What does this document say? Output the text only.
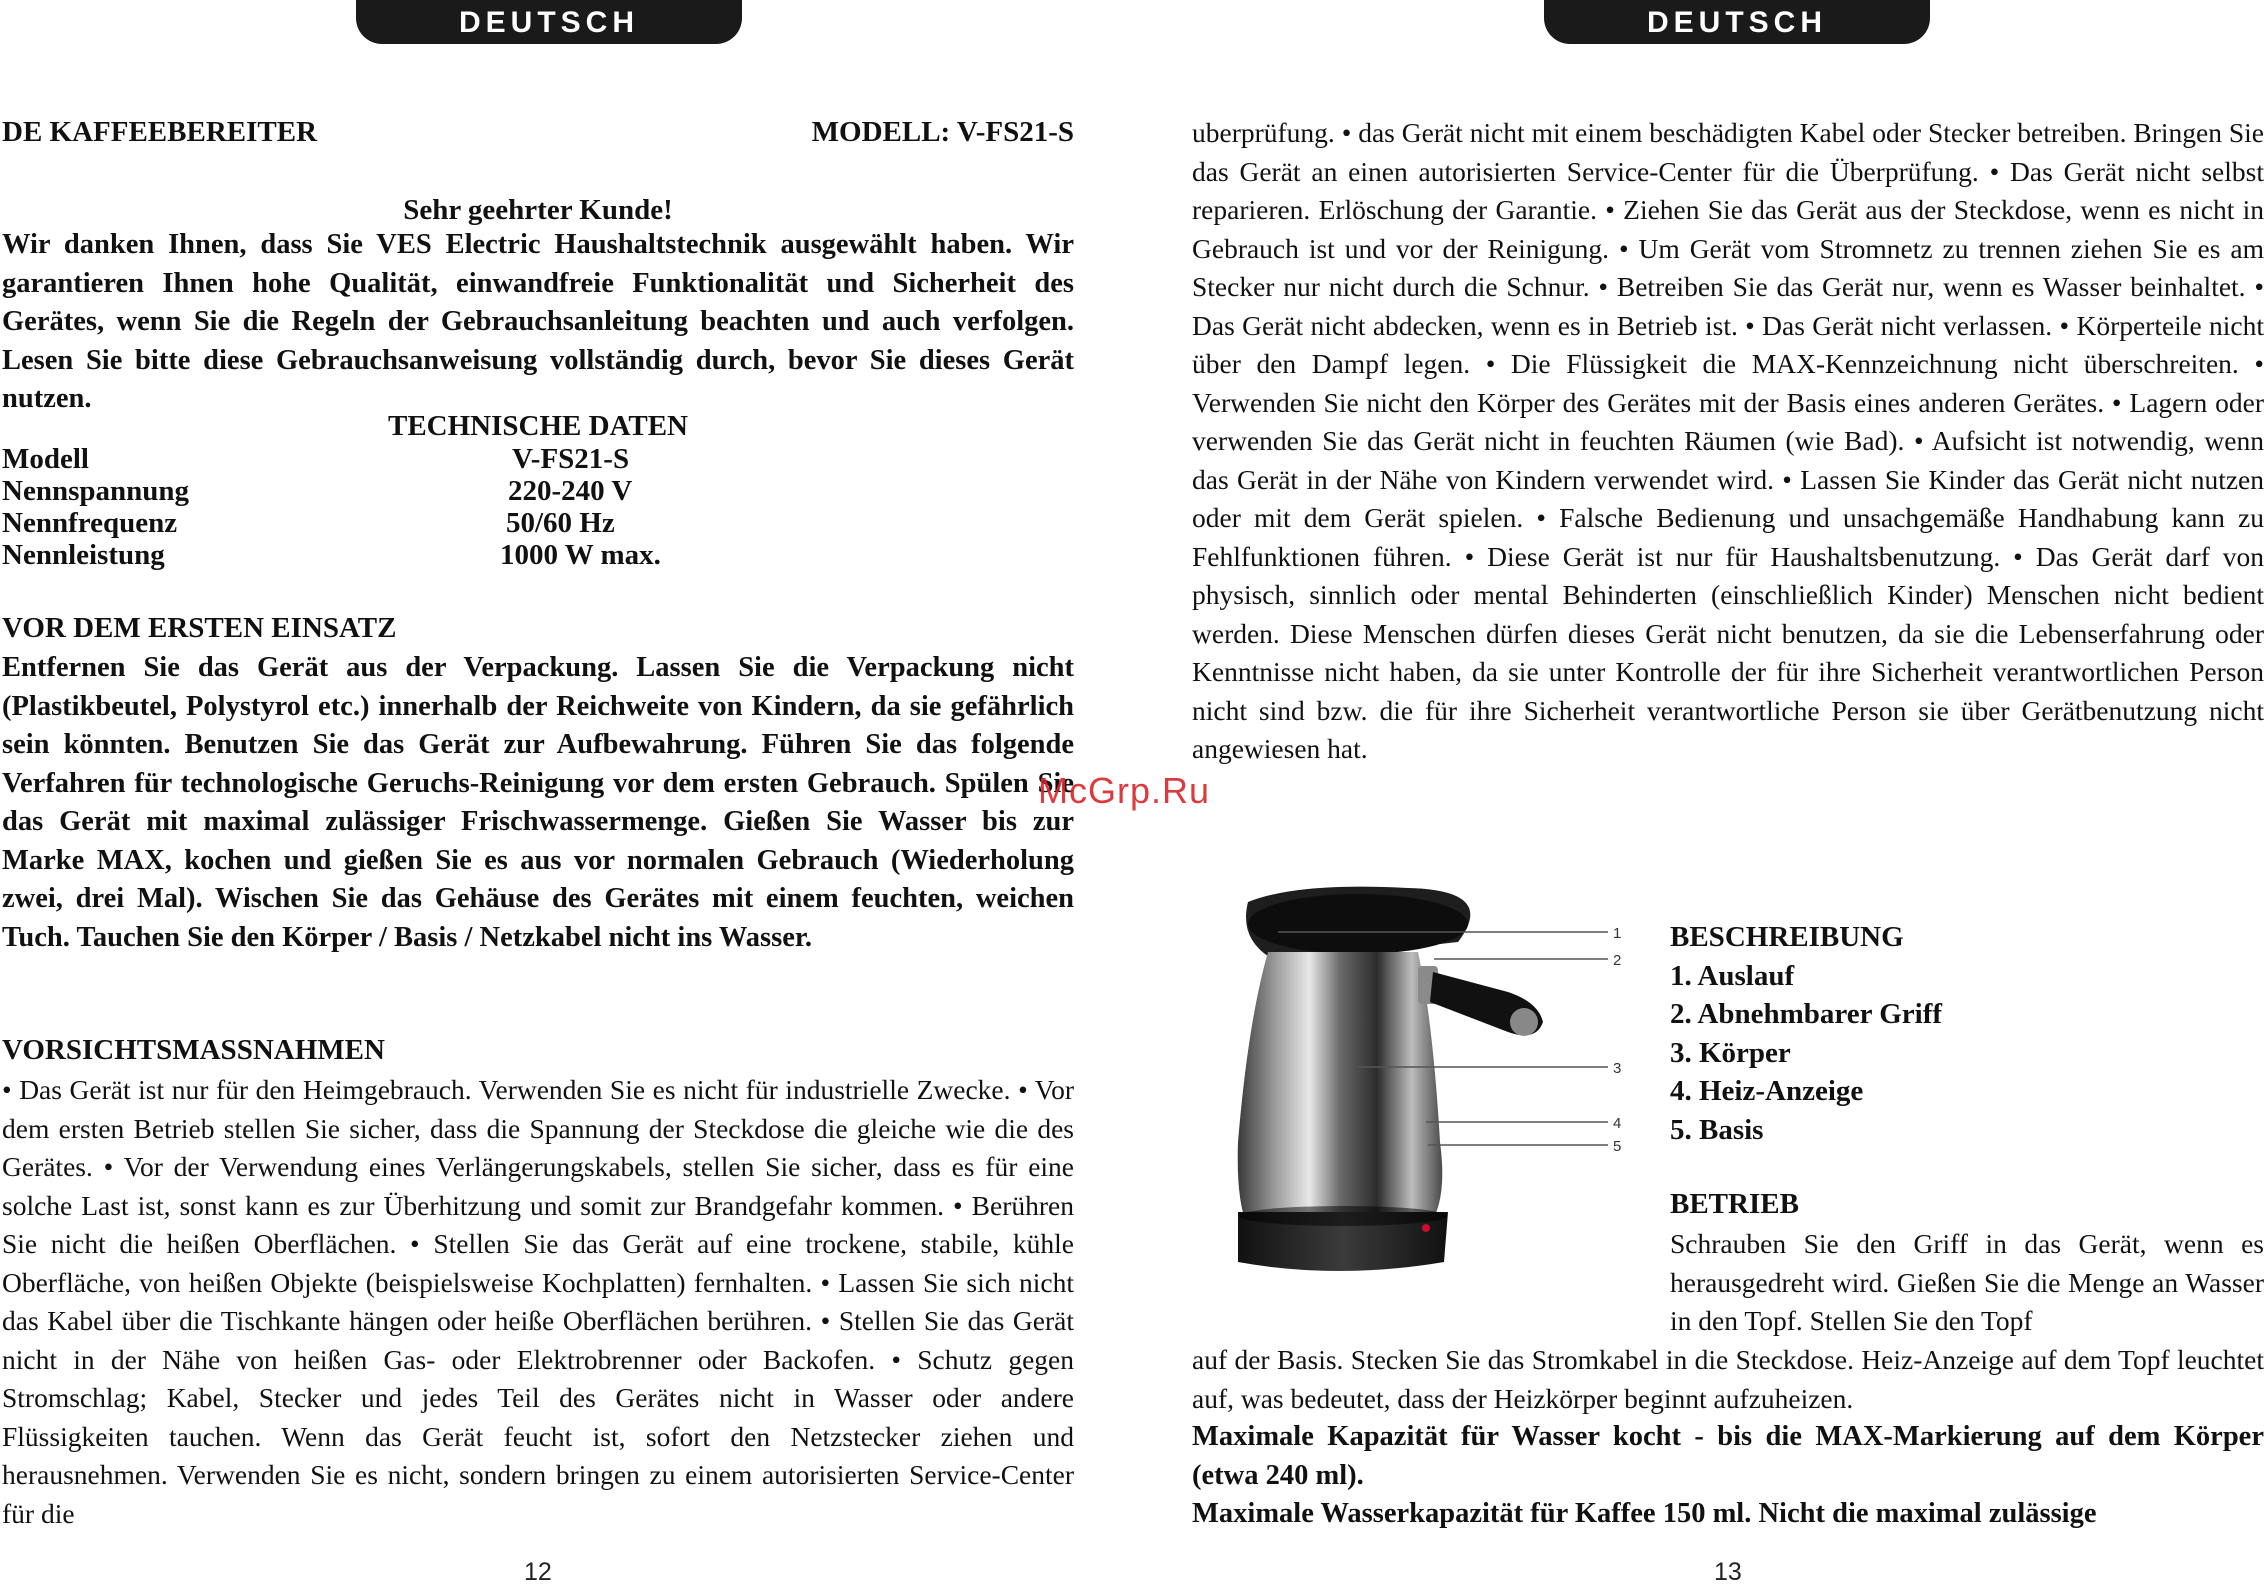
DEUTSCH
DE KAFFEEBEREITER	MODELL: V-FS21-S
Sehr geehrter Kunde!
Wir danken Ihnen, dass Sie VES Electric Haushaltstechnik ausgewählt haben. Wir garantieren Ihnen hohe Qualität, einwandfreie Funktionalität und Sicherheit des Gerätes, wenn Sie die Regeln der Gebrauchsanleitung beachten und auch verfolgen. Lesen Sie bitte diese Gebrauchsanweisung vollständig durch, bevor Sie dieses Gerät nutzen.
TECHNISCHE DATEN
Modell	V-FS21-S
Nennspannung	220-240 V
Nennfrequenz	50/60 Hz
Nennleistung	1000 W max.
VOR DEM ERSTEN EINSATZ
Entfernen Sie das Gerät aus der Verpackung. Lassen Sie die Verpackung nicht (Plastikbeutel, Polystyrol etc.) innerhalb der Reichweite von Kindern, da sie gefährlich sein könnten. Benutzen Sie das Gerät zur Aufbewahrung. Führen Sie das folgende Verfahren für technologische Geruchs-Reinigung vor dem ersten Gebrauch. Spülen Sie das Gerät mit maximal zulässiger Frischwassermenge. Gießen Sie Wasser bis zur Marke MAX, kochen und gießen Sie es aus vor normalen Gebrauch (Wiederholung zwei, drei Mal). Wischen Sie das Gehäuse des Gerätes mit einem feuchten, weichen Tuch. Tauchen Sie den Körper / Basis / Netzkabel nicht ins Wasser.
VORSICHTSMASSNAHMEN
• Das Gerät ist nur für den Heimgebrauch. Verwenden Sie es nicht für industrielle Zwecke. • Vor dem ersten Betrieb stellen Sie sicher, dass die Spannung der Steckdose die gleiche wie die des Gerätes. • Vor der Verwendung eines Verlängerungskabels, stellen Sie sicher, dass es für eine solche Last ist, sonst kann es zur Überhitzung und somit zur Brandgefahr kommen. • Berühren Sie nicht die heißen Oberflächen. • Stellen Sie das Gerät auf eine trockene, stabile, kühle Oberfläche, von heißen Objekte (beispielsweise Kochplatten) fernhalten. • Lassen Sie sich nicht das Kabel über die Tischkante hängen oder heiße Oberflächen berühren. • Stellen Sie das Gerät nicht in der Nähe von heißen Gas- oder Elektrobrenner oder Backofen. • Schutz gegen Stromschlag; Kabel, Stecker und jedes Teil des Gerätes nicht in Wasser oder andere Flüssigkeiten tauchen. Wenn das Gerät feucht ist, sofort den Netzstecker ziehen und herausnehmen. Verwenden Sie es nicht, sondern bringen zu einem autorisierten Service-Center für die
12
DEUTSCH
uberprüfung. • das Gerät nicht mit einem beschädigten Kabel oder Stecker betreiben. Bringen Sie das Gerät an einen autorisierten Service-Center für die Überprüfung. • Das Gerät nicht selbst reparieren. Erlöschung der Garantie. • Ziehen Sie das Gerät aus der Steckdose, wenn es nicht in Gebrauch ist und vor der Reinigung. • Um Gerät vom Stromnetz zu trennen ziehen Sie es am Stecker nur nicht durch die Schnur. • Betreiben Sie das Gerät nur, wenn es Wasser beinhaltet. • Das Gerät nicht abdecken, wenn es in Betrieb ist. • Das Gerät nicht verlassen. • Körperteile nicht über den Dampf legen. • Die Flüssigkeit die MAX-Kennzeichnung nicht überschreiten. • Verwenden Sie nicht den Körper des Gerätes mit der Basis eines anderen Gerätes. • Lagern oder verwenden Sie das Gerät nicht in feuchten Räumen (wie Bad). • Aufsicht ist notwendig, wenn das Gerät in der Nähe von Kindern verwendet wird. • Lassen Sie Kinder das Gerät nicht nutzen oder mit dem Gerät spielen. • Falsche Bedienung und unsachgemäße Handhabung kann zu Fehlfunktionen führen. • Diese Gerät ist nur für Haushaltsbenutzung. • Das Gerät darf von physisch, sinnlich oder mental Behinderten (einschließlich Kinder) Menschen nicht bedient werden. Diese Menschen dürfen dieses Gerät nicht benutzen, da sie die Lebenserfahrung oder Kenntnisse nicht haben, da sie unter Kontrolle der für ihre Sicherheit verantwortlichen Person nicht sind bzw. die für ihre Sicherheit verantwortliche Person sie über Gerätbenutzung nicht angewiesen hat.
1
2
3
4
5
BESCHREIBUNG
1. Auslauf
2. Abnehmbarer Griff
3. Körper
4. Heiz-Anzeige
5. Basis
BETRIEB
Schrauben Sie den Griff in das Gerät, wenn es herausgedreht wird. Gießen Sie die Menge an Wasser in den Topf. Stellen Sie den Topf
auf der Basis. Stecken Sie das Stromkabel in die Steckdose. Heiz-Anzeige auf dem Topf leuchtet auf, was bedeutet, dass der Heizkörper beginnt aufzuheizen.
Maximale Kapazität für Wasser kocht - bis die MAX-Markierung auf dem Körper (etwa 240 ml).
Maximale Wasserkapazität für Kaffee 150 ml. Nicht die maximal zulässige
13
McGrp.Ru
